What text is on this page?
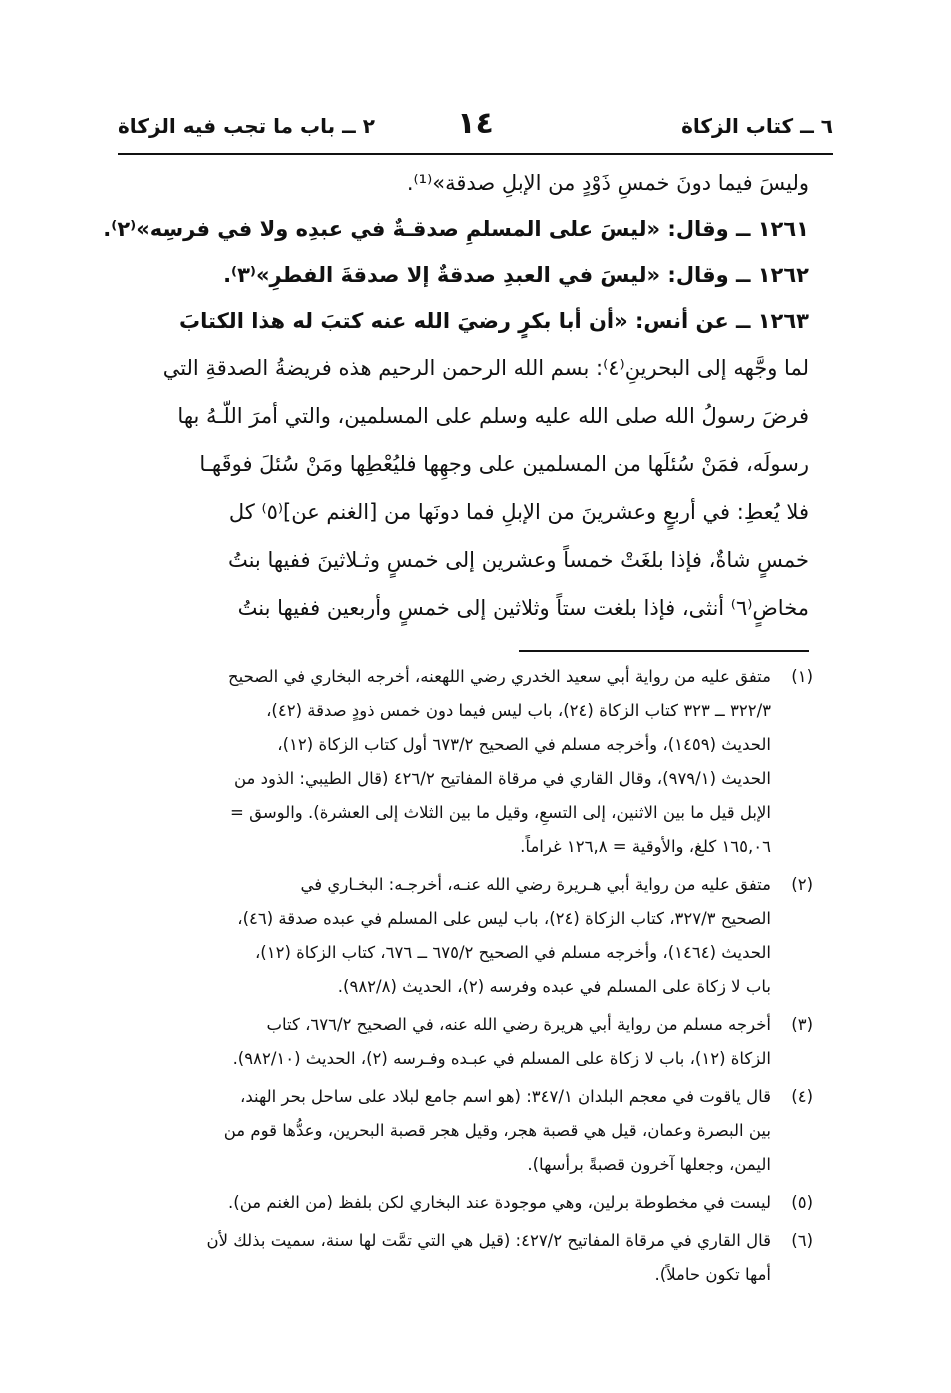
٦ ــ كتاب الزكاة
١٤
٢ ــ باب ما تجب فيه الزكاة

وليسَ فيما دونَ خمسِ ذَوْدٍ من الإبلِ صدقة»⁽¹⁾.

١٢٦١ ــ وقال: «ليسَ على المسلمِ صدقـةٌ في عبدِه ولا في فرسِه»⁽٢⁾.

١٢٦٢ ــ وقال: «ليسَ في العبدِ صدقةٌ إلا صدقةَ الفطرِ»⁽٣⁾.

١٢٦٣ ــ عن أنس: «أن أبا بكرٍ رضيَ الله عنه كتبَ له هذا الكتابَ

لما وجَّهه إلى البحرينِ⁽٤⁾: بسم الله الرحمن الرحيم هذه فريضةُ الصدقةِ التي

فرضَ رسولُ الله صلى الله عليه وسلم على المسلمين، والتي أمرَ اللّـهُ بها

رسولَه، فمَنْ سُئلَها من المسلمين على وجهِها فليُعْطِها ومَنْ سُئلَ فوقَهـا

فلا يُعطِ: في أربعٍ وعشرينَ من الإبلِ فما دونَها من [الغنم عن]⁽٥⁾ كل

خمسٍ شاةٌ، فإذا بلغَتْ خمساً وعشرين إلى خمسٍ وثـلاثينَ ففيها بنتُ

مخاضٍ⁽٦⁾ أنثى، فإذا بلغت ستاً وثلاثين إلى خمسٍ وأربعين ففيها بنتُ

(١)
متفق عليه من رواية أبي سعيد الخدري رضي اللهعنه، أخرجه البخاري في الصحيح
٣٢٢/٣ ــ ٣٢٣ كتاب الزكاة (٢٤)، باب ليس فيما دون خمس ذودٍ صدقة (٤٢)،
الحديث (١٤٥٩)، وأخرجه مسلم في الصحيح ٦٧٣/٢ أول كتاب الزكاة (١٢)،
الحديث (٩٧٩/١)، وقال القاري في مرقاة المفاتيح ٤٢٦/٢ (قال الطيبي: الذود من
الإبل قيل ما بين الاثنين، إلى التسعِ، وقيل ما بين الثلاث إلى العشرة). والوسق =
١٦٥,٠٦ كلغ، والأوقية = ١٢٦,٨ غراماً.
(٢)
متفق عليه من رواية أبي هـريرة رضي الله عنـه، أخرجـه: البخـاري في
الصحيح ٣٢٧/٣، كتاب الزكاة (٢٤)، باب ليس على المسلم في عبده صدقة (٤٦)،
الحديث (١٤٦٤)، وأخرجه مسلم في الصحيح ٦٧٥/٢ ــ ٦٧٦، كتاب الزكاة (١٢)،
باب لا زكاة على المسلم في عبده وفرسه (٢)، الحديث (٩٨٢/٨).
(٣)
أخرجه مسلم من رواية أبي هريرة رضي الله عنه، في الصحيح ٦٧٦/٢، كتاب
الزكاة (١٢)، باب لا زكاة على المسلم في عبـده وفـرسه (٢)، الحديث (٩٨٢/١٠).
(٤)
قال ياقوت في معجم البلدان ٣٤٧/١: (هو اسم جامع لبلاد على ساحل بحر الهند،
بين البصرة وعمان، قيل هي قصبة هجر، وقيل هجر قصبة البحرين، وعدُّها قوم من
اليمن، وجعلها آخرون قصبةً برأسها).
(٥)
ليست في مخطوطة برلين، وهي موجودة عند البخاري لكن بلفظ (من الغنم من).
(٦)
قال القاري في مرقاة المفاتيح ٤٢٧/٢: (قيل هي التي تمَّت لها سنة، سميت بذلك لأن
أمها تكون حاملاً).
